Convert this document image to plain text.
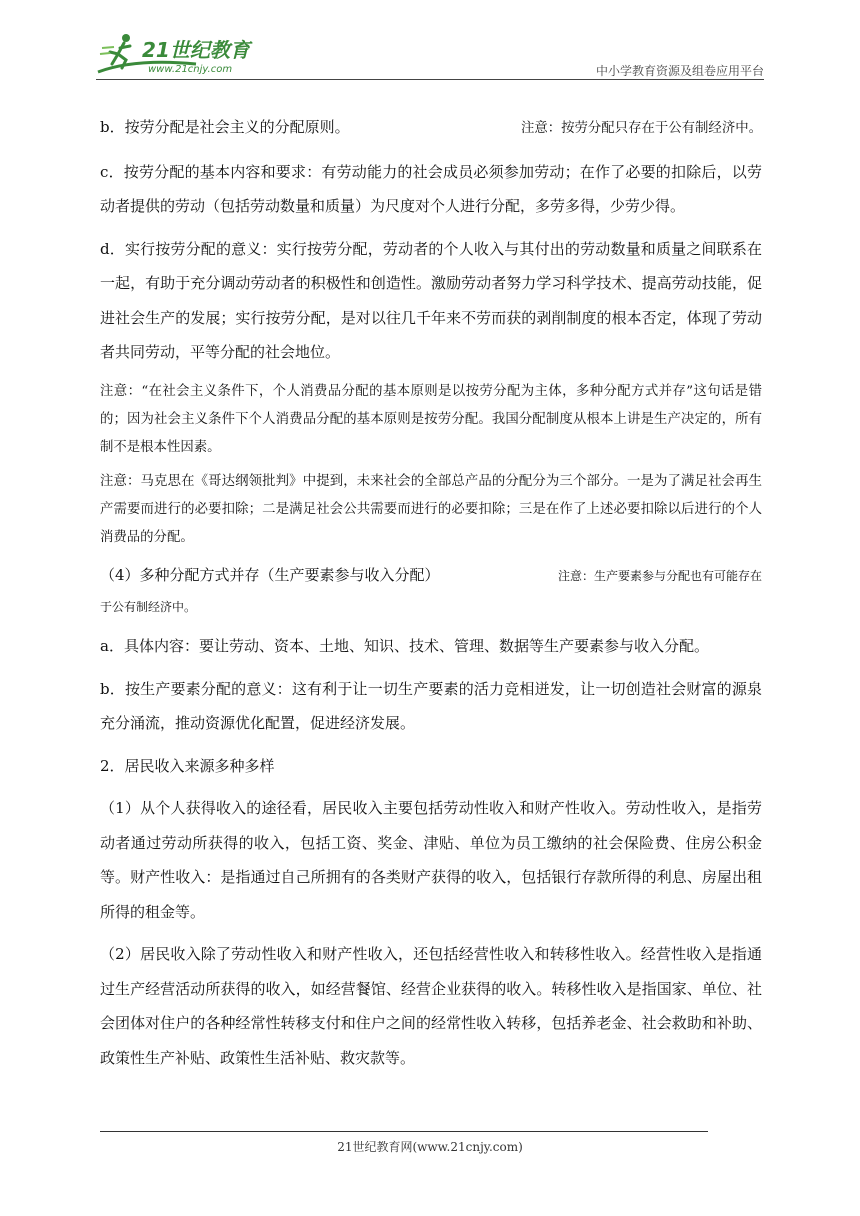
21世纪教育
www.21cnjy.com	中小学教育资源及组卷应用平台
b．按劳分配是社会主义的分配原则。	注意：按劳分配只存在于公有制经济中。

c．按劳分配的基本内容和要求：有劳动能力的社会成员必须参加劳动；在作了必要的扣除后，以劳动者提供的劳动（包括劳动数量和质量）为尺度对个人进行分配，多劳多得，少劳少得。

d．实行按劳分配的意义：实行按劳分配，劳动者的个人收入与其付出的劳动数量和质量之间联系在一起，有助于充分调动劳动者的积极性和创造性。激励劳动者努力学习科学技术、提高劳动技能，促进社会生产的发展；实行按劳分配，是对以往几千年来不劳而获的剥削制度的根本否定，体现了劳动者共同劳动，平等分配的社会地位。

注意：“在社会主义条件下，个人消费品分配的基本原则是以按劳分配为主体，多种分配方式并存”这句话是错的；因为社会主义条件下个人消费品分配的基本原则是按劳分配。我国分配制度从根本上讲是生产决定的，所有制不是根本性因素。

注意：马克思在《哥达纲领批判》中提到，未来社会的全部总产品的分配分为三个部分。一是为了满足社会再生产需要而进行的必要扣除；二是满足社会公共需要而进行的必要扣除；三是在作了上述必要扣除以后进行的个人消费品的分配。

（4）多种分配方式并存（生产要素参与收入分配）	注意：生产要素参与分配也有可能存在

于公有制经济中。

a．具体内容：要让劳动、资本、土地、知识、技术、管理、数据等生产要素参与收入分配。

b．按生产要素分配的意义：这有利于让一切生产要素的活力竞相迸发，让一切创造社会财富的源泉充分涌流，推动资源优化配置，促进经济发展。

2．居民收入来源多种多样

（1）从个人获得收入的途径看，居民收入主要包括劳动性收入和财产性收入。劳动性收入，是指劳动者通过劳动所获得的收入，包括工资、奖金、津贴、单位为员工缴纳的社会保险费、住房公积金等。财产性收入：是指通过自己所拥有的各类财产获得的收入，包括银行存款所得的利息、房屋出租所得的租金等。

（2）居民收入除了劳动性收入和财产性收入，还包括经营性收入和转移性收入。经营性收入是指通过生产经营活动所获得的收入，如经营餐馆、经营企业获得的收入。转移性收入是指国家、单位、社会团体对住户的各种经常性转移支付和住户之间的经常性收入转移，包括养老金、社会救助和补助、政策性生产补贴、政策性生活补贴、救灾款等。

21世纪教育网(www.21cnjy.com)
